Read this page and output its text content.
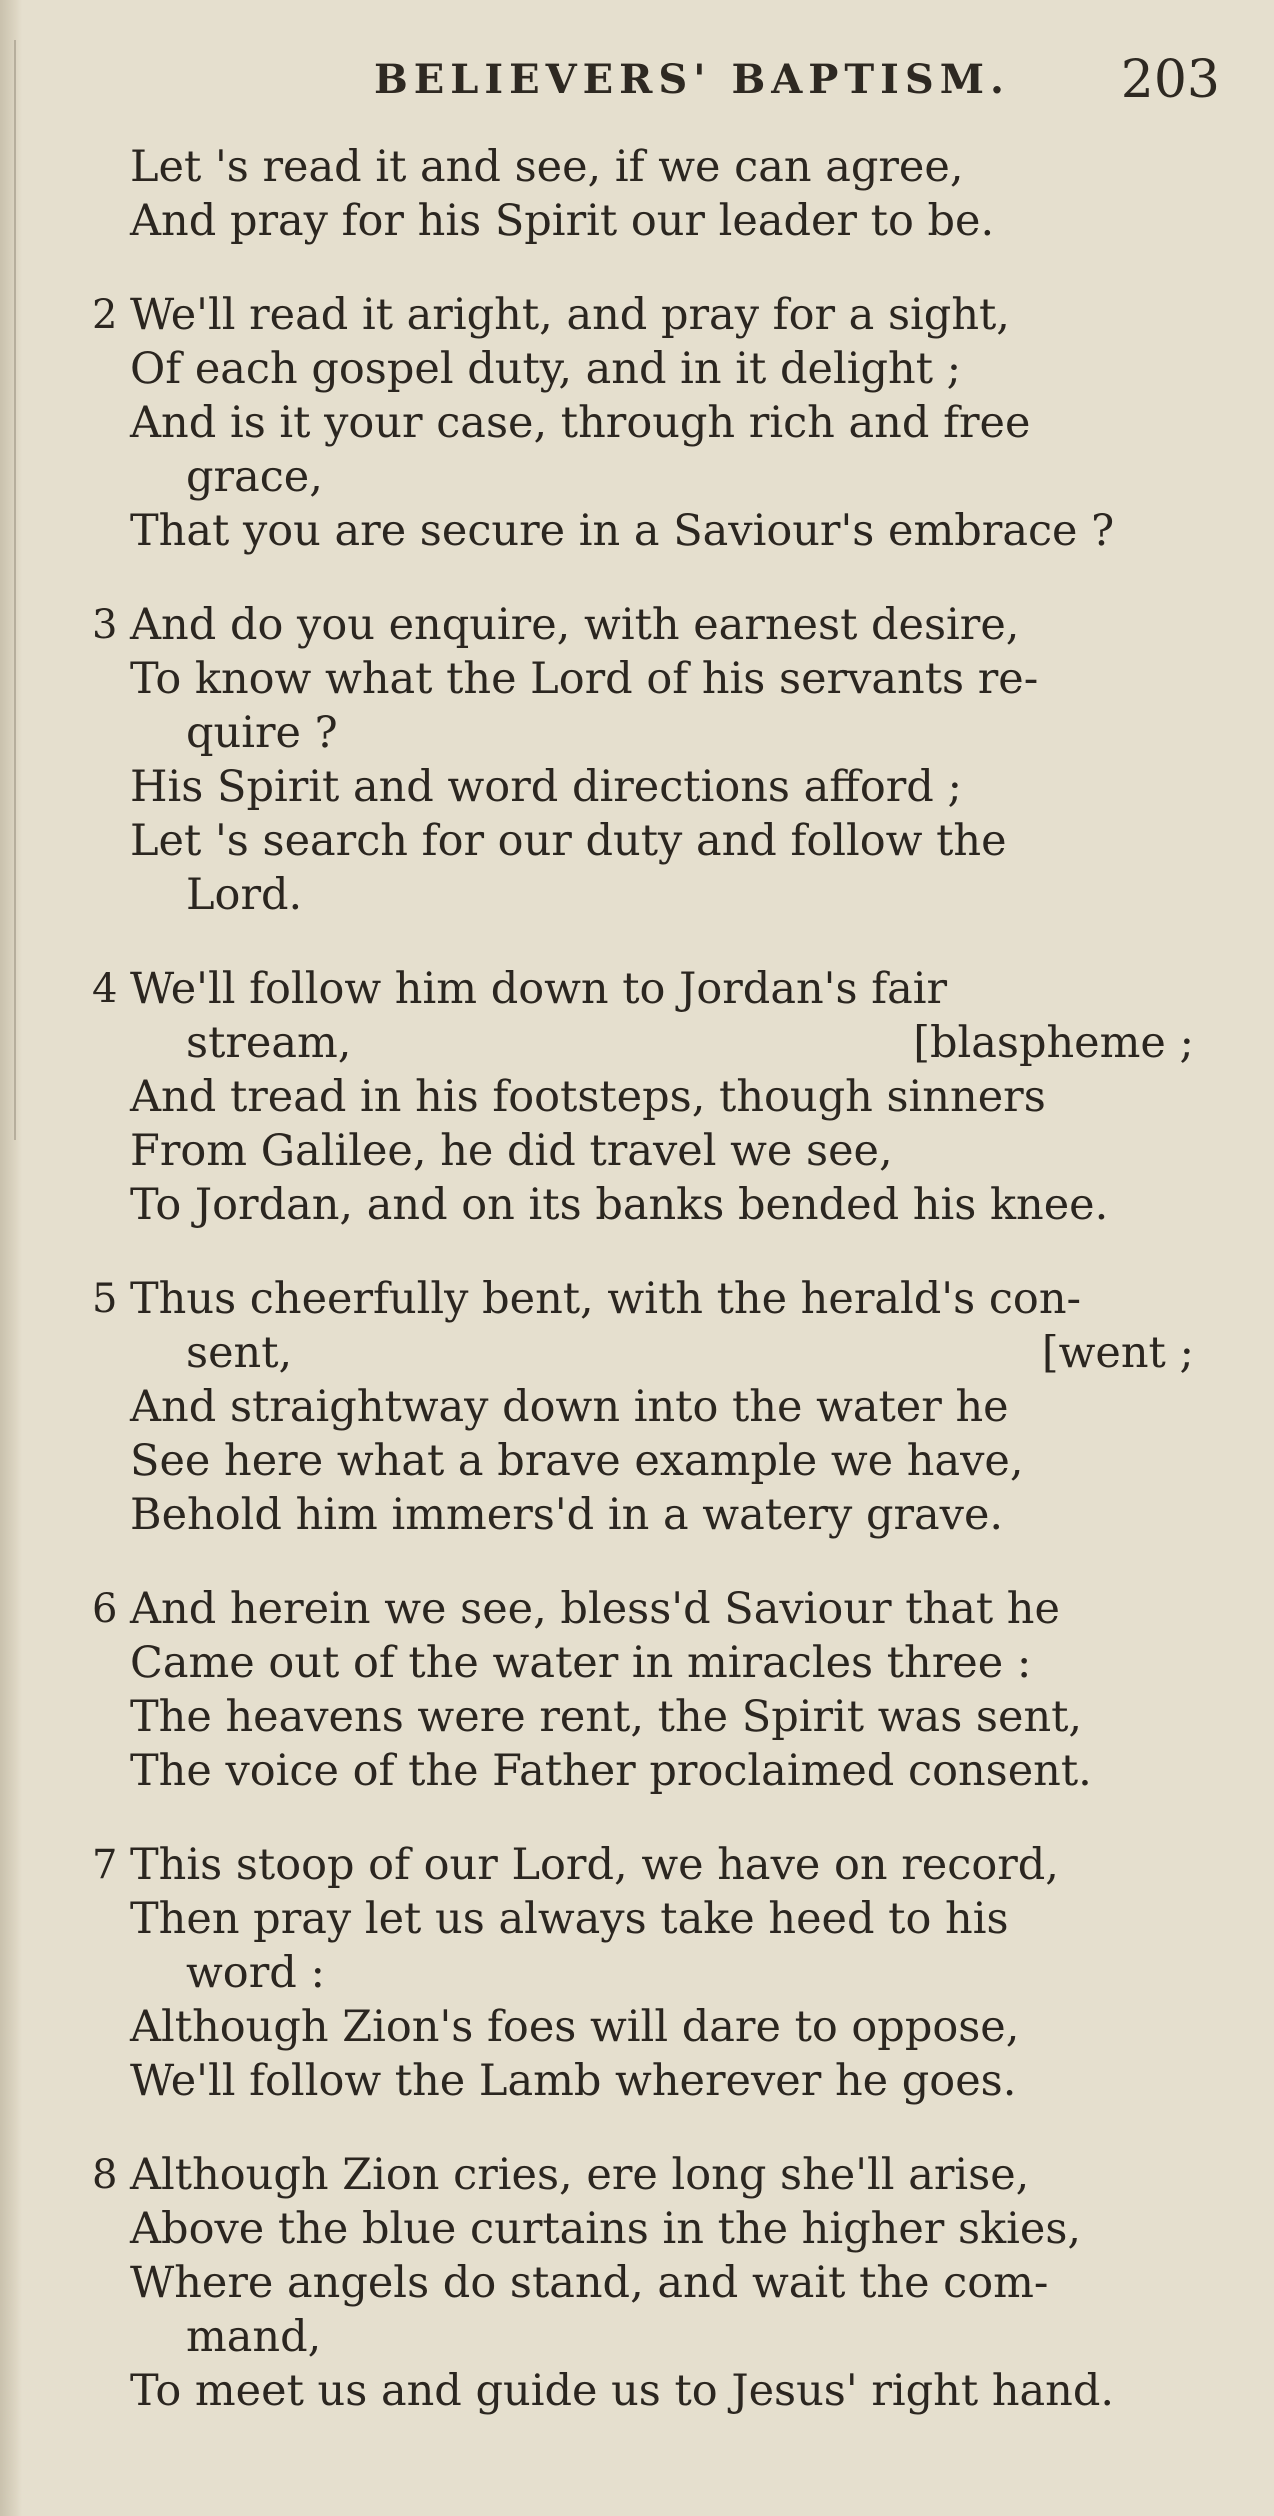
BELIEVERS' BAPTISM. 203
Let 's read it and see, if we can agree,
And pray for his Spirit our leader to be.
2 We'll read it aright, and pray for a sight,
Of each gospel duty, and in it delight ;
And is it your case, through rich and free
grace,
That you are secure in a Saviour's embrace ?
3 And do you enquire, with earnest desire,
To know what the Lord of his servants re-
quire ?
His Spirit and word directions afford ;
Let 's search for our duty and follow the
Lord.
4 We'll follow him down to Jordan's fair
stream,	[blaspheme ;
And tread in his footsteps, though sinners
From Galilee, he did travel we see,
To Jordan, and on its banks bended his knee.
5 Thus cheerfully bent, with the herald's con-
sent,	[went ;
And straightway down into the water he
See here what a brave example we have,
Behold him immers'd in a watery grave.
6 And herein we see, bless'd Saviour that he
Came out of the water in miracles three :
The heavens were rent, the Spirit was sent,
The voice of the Father proclaimed consent.
7 This stoop of our Lord, we have on record,
Then pray let us always take heed to his
word :
Although Zion's foes will dare to oppose,
We'll follow the Lamb wherever he goes.
8 Although Zion cries, ere long she'll arise,
Above the blue curtains in the higher skies,
Where angels do stand, and wait the com-
mand,
To meet us and guide us to Jesus' right hand.
